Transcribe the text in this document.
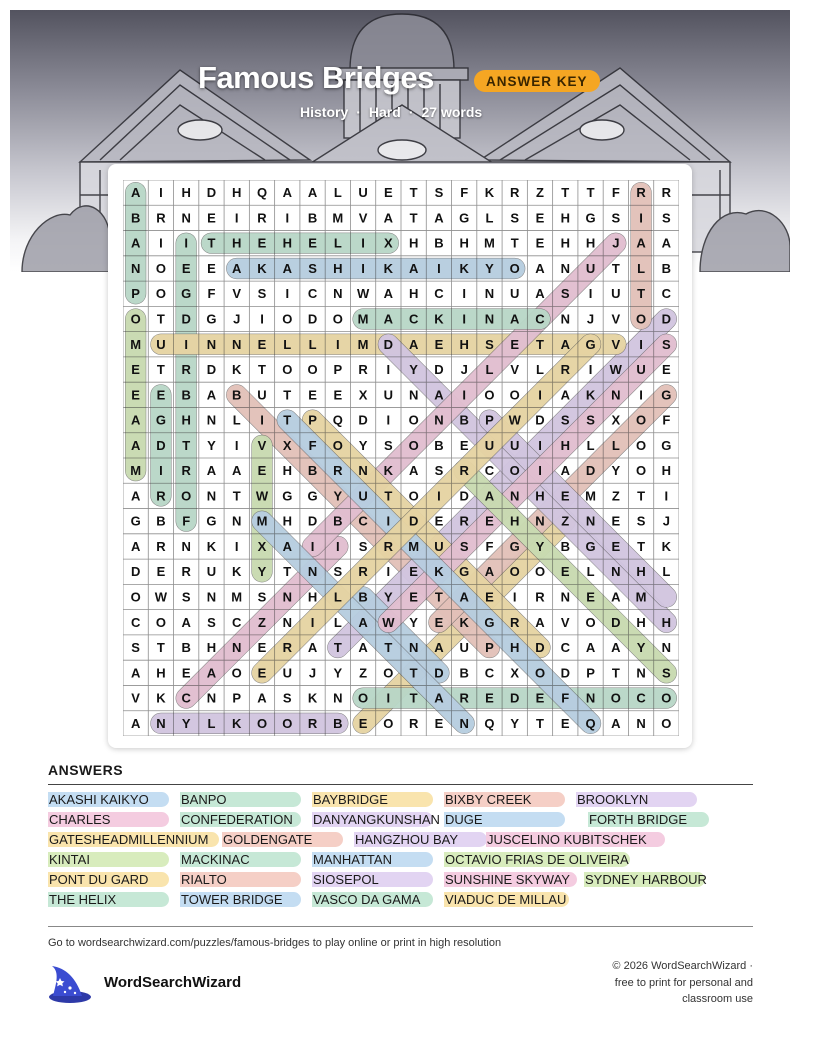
Famous Bridges	ANSWER KEY
History · Hard · 27 words
A I H D H Q A A L U E T S F K R Z T T F R R
B R N E I R I B M V A T A G L S E H G S I S
A I I T H E H E L I X H B H M T E H H J A A
N O E E A K A S H I K A I K Y O A N U T L B
P O G F V S I C N W A H C I N U A S I U T C
O T D G J I O D O M A C K I N A C N J V O D
M U I N N E L L I M D A E H S E T A G V I S
E T R D K T O O P R I Y D J L V L R I W U E
E E B A B U T E E X U N A I O O I A K N I G
A G H N L I T P Q D I O N B P W D S S X O F
A D T Y I V X F O Y S O B E U U I H L L O G
M I R A A E H B R N K A S R C O I A D Y O H
A R O N T W G G Y U T O I D A N H E M Z T I
G B F G N M H D B C I D E R E H N Z N E S J
A R N K I X A I I S R M U S F G Y B G E T K
D E R U K Y T N S R I E K G A O O E L N H L
O W S N M S N H L B Y E T A E I R N E A M
C O A S C Z N I L A W Y E K G R A V O D H H
S T B H N E R A T A T N A U P H D C A A Y N
A H E A O E U J Y Z O T D B C X O D P T N S
V K C N P A S K N O I T A R E D E F N O C O
A N Y L K O O R B E O R E N Q Y T E Q A N O
ANSWERS
AKASHI KAIKYO	BANPO	BAYBRIDGE	BIXBY CREEK	BROOKLYN
CHARLES	CONFEDERATION	DANYANGKUNSHAN DUGE	FORTH BRIDGE
GATESHEADMILLENNIUM	GOLDENGATE	HANGZHOU BAY	JUSCELINO KUBITSCHEK
KINTAI	MACKINAC	MANHATTAN	OCTAVIO FRIAS DE OLIVEIRA
PONT DU GARD	RIALTO	SIOSEPOL	SUNSHINE SKYWAY	SYDNEY HARBOUR
THE HELIX	TOWER BRIDGE	VASCO DA GAMA	VIADUC DE MILLAU
Go to wordsearchwizard.com/puzzles/famous-bridges to play online or print in high resolution
WordSearchWizard
© 2026 WordSearchWizard ·
free to print for personal and
classroom use
